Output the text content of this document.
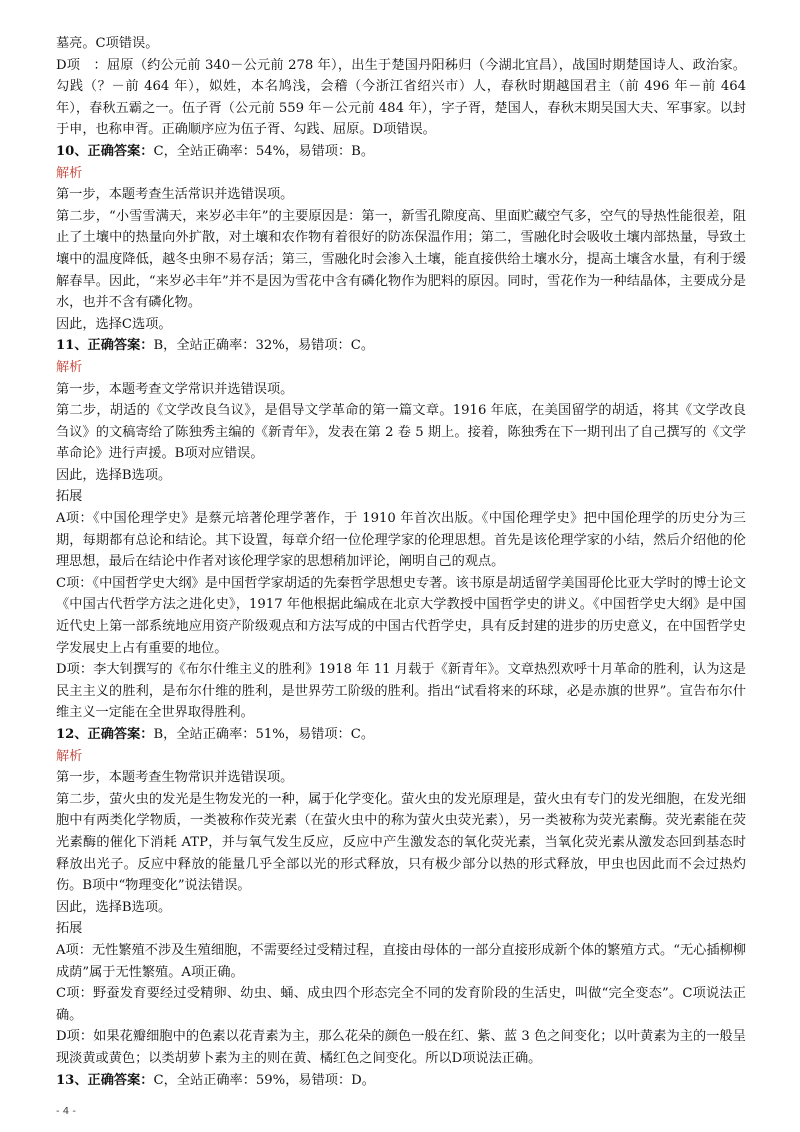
墓亮。C项错误。

D项　：屈原（约公元前 340－公元前 278 年），出生于楚国丹阳秭归（今湖北宜昌），战国时期楚国诗人、政治家。勾践（？－前 464 年），姒姓，本名鸠浅，会稽（今浙江省绍兴市）人，春秋时期越国君主（前 496 年－前 464 年），春秋五霸之一。伍子胥（公元前 559 年－公元前 484 年），字子胥，楚国人，春秋末期吴国大夫、军事家。以封于申，也称申胥。正确顺序应为伍子胥、勾践、屈原。D项错误。

10、正确答案：C，全站正确率：54%，易错项：B。

解析

第一步，本题考查生活常识并选错误项。

第二步，“小雪雪满天，来岁必丰年”的主要原因是：第一，新雪孔隙度高、里面贮藏空气多，空气的导热性能很差，阻止了土壤中的热量向外扩散，对土壤和农作物有着很好的防冻保温作用；第二，雪融化时会吸收土壤内部热量，导致土壤中的温度降低，越冬虫卵不易存活；第三，雪融化时会渗入土壤，能直接供给土壤水分，提高土壤含水量，有利于缓解春旱。因此，“来岁必丰年”并不是因为雪花中含有磷化物作为肥料的原因。同时，雪花作为一种结晶体，主要成分是水，也并不含有磷化物。

因此，选择C选项。

11、正确答案：B，全站正确率：32%，易错项：C。

解析

第一步，本题考查文学常识并选错误项。

第二步，胡适的《文学改良刍议》，是倡导文学革命的第一篇文章。1916 年底，在美国留学的胡适，将其《文学改良刍议》的文稿寄给了陈独秀主编的《新青年》，发表在第 2 卷 5 期上。接着，陈独秀在下一期刊出了自己撰写的《文学革命论》进行声援。B项对应错误。

因此，选择B选项。

拓展

A项：《中国伦理学史》是蔡元培著伦理学著作，于 1910 年首次出版。《中国伦理学史》把中国伦理学的历史分为三期，每期都有总论和结论。其下设置，每章介绍一位伦理学家的伦理思想。首先是该伦理学家的小结，然后介绍他的伦理思想，最后在结论中作者对该伦理学家的思想稍加评论，阐明自己的观点。

C项：《中国哲学史大纲》是中国哲学家胡适的先秦哲学思想史专著。该书原是胡适留学美国哥伦比亚大学时的博士论文《中国古代哲学方法之进化史》，1917 年他根据此编成在北京大学教授中国哲学史的讲义。《中国哲学史大纲》是中国近代史上第一部系统地应用资产阶级观点和方法写成的中国古代哲学史，具有反封建的进步的历史意义，在中国哲学史学发展史上占有重要的地位。

D项：李大钊撰写的《布尔什维主义的胜利》1918 年 11 月载于《新青年》。文章热烈欢呼十月革命的胜利，认为这是民主主义的胜利，是布尔什维的胜利，是世界劳工阶级的胜利。指出“试看将来的环球，必是赤旗的世界”。宣告布尔什维主义一定能在全世界取得胜利。

12、正确答案：B，全站正确率：51%，易错项：C。

解析

第一步，本题考查生物常识并选错误项。

第二步，萤火虫的发光是生物发光的一种，属于化学变化。萤火虫的发光原理是，萤火虫有专门的发光细胞，在发光细胞中有两类化学物质，一类被称作荧光素（在萤火虫中的称为萤火虫荧光素），另一类被称为荧光素酶。荧光素能在荧光素酶的催化下消耗 ATP，并与氧气发生反应，反应中产生激发态的氧化荧光素，当氧化荧光素从激发态回到基态时释放出光子。反应中释放的能量几乎全部以光的形式释放，只有极少部分以热的形式释放，甲虫也因此而不会过热灼伤。B项中“物理变化”说法错误。

因此，选择B选项。

拓展

A项：无性繁殖不涉及生殖细胞，不需要经过受精过程，直接由母体的一部分直接形成新个体的繁殖方式。“无心插柳柳成荫”属于无性繁殖。A项正确。

C项：野蚕发育要经过受精卵、幼虫、蛹、成虫四个形态完全不同的发育阶段的生活史，叫做“完全变态”。C项说法正确。

D项：如果花瓣细胞中的色素以花青素为主，那么花朵的颜色一般在红、紫、蓝 3 色之间变化；以叶黄素为主的一般呈现淡黄或黄色；以类胡萝卜素为主的则在黄、橘红色之间变化。所以D项说法正确。

13、正确答案：C，全站正确率：59%，易错项：D。

- 4 -
